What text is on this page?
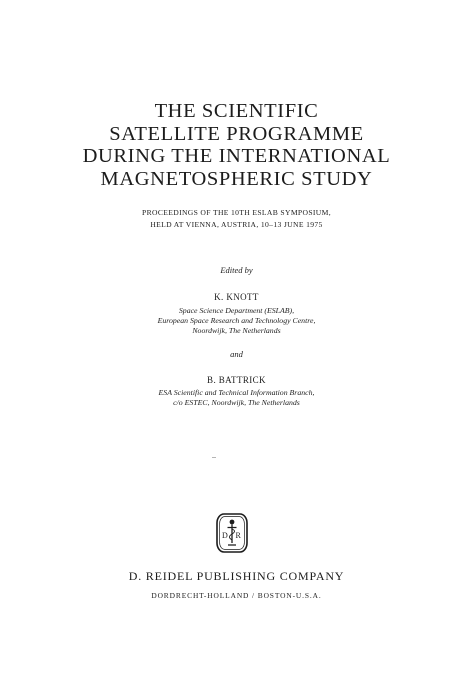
THE SCIENTIFIC
SATELLITE PROGRAMME
DURING THE INTERNATIONAL
MAGNETOSPHERIC STUDY
PROCEEDINGS OF THE 10TH ESLAB SYMPOSIUM,
HELD AT VIENNA, AUSTRIA, 10–13 JUNE 1975
Edited by
K. KNOTT
Space Science Department (ESLAB),
European Space Research and Technology Centre,
Noordwijk, The Netherlands
and
B. BATTRICK
ESA Scientific and Technical Information Branch,
c/o ESTEC, Noordwijk, The Netherlands
D R
D. REIDEL PUBLISHING COMPANY
DORDRECHT-HOLLAND / BOSTON-U.S.A.
